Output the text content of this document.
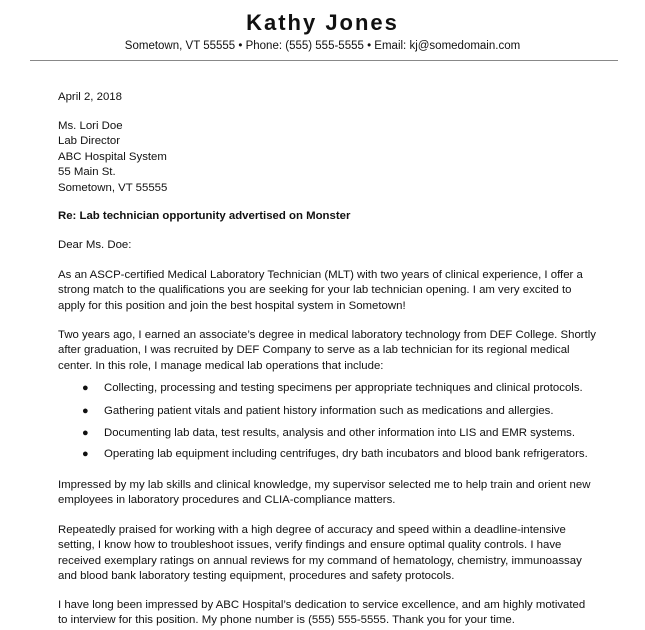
Kathy Jones
Sometown, VT 55555 • Phone: (555) 555-5555 • Email: kj@somedomain.com
April 2, 2018
Ms. Lori Doe
Lab Director
ABC Hospital System
55 Main St.
Sometown, VT 55555
Re: Lab technician opportunity advertised on Monster
Dear Ms. Doe:
As an ASCP-certified Medical Laboratory Technician (MLT) with two years of clinical experience, I offer a
strong match to the qualifications you are seeking for your lab technician opening. I am very excited to
apply for this position and join the best hospital system in Sometown!
Two years ago, I earned an associate’s degree in medical laboratory technology from DEF College. Shortly
after graduation, I was recruited by DEF Company to serve as a lab technician for its regional medical
center. In this role, I manage medical lab operations that include:
● Collecting, processing and testing specimens per appropriate techniques and clinical protocols.
● Gathering patient vitals and patient history information such as medications and allergies.
● Documenting lab data, test results, analysis and other information into LIS and EMR systems.
● Operating lab equipment including centrifuges, dry bath incubators and blood bank refrigerators.
Impressed by my lab skills and clinical knowledge, my supervisor selected me to help train and orient new
employees in laboratory procedures and CLIA-compliance matters.
Repeatedly praised for working with a high degree of accuracy and speed within a deadline-intensive
setting, I know how to troubleshoot issues, verify findings and ensure optimal quality controls. I have
received exemplary ratings on annual reviews for my command of hematology, chemistry, immunoassay
and blood bank laboratory testing equipment, procedures and safety protocols.
I have long been impressed by ABC Hospital’s dedication to service excellence, and am highly motivated
to interview for this position. My phone number is (555) 555-5555. Thank you for your time.
